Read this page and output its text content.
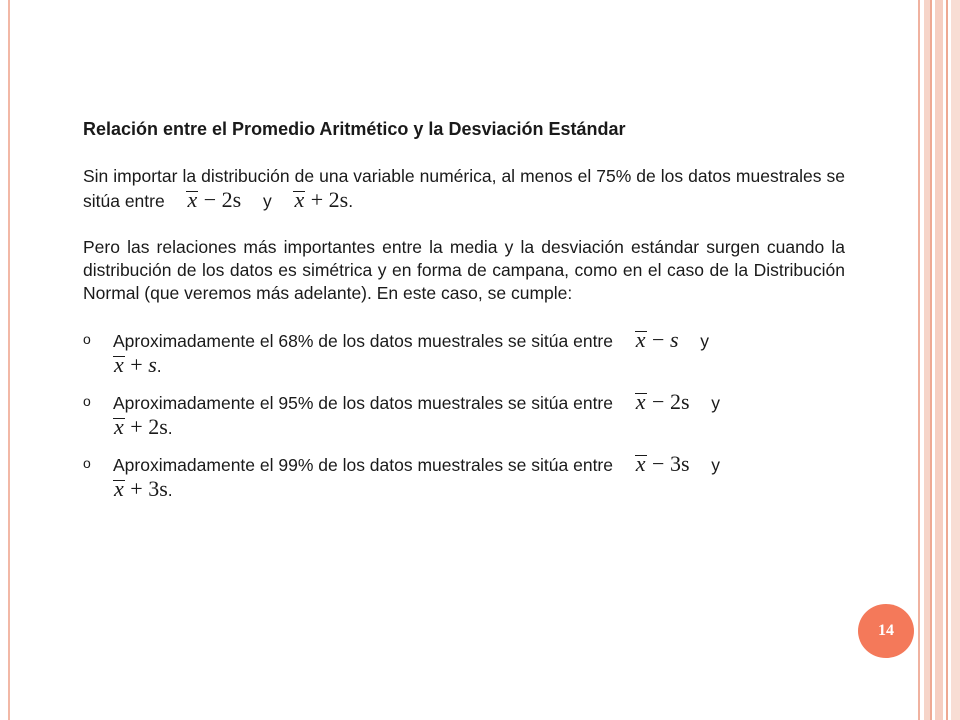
Relación entre el Promedio Aritmético y la Desviación Estándar
Sin importar la distribución de una variable numérica, al menos el 75% de los datos muestrales se sitúa entre x − 2s y x + 2s.
Pero las relaciones más importantes entre la media y la desviación estándar surgen cuando la distribución de los datos es simétrica y en forma de campana, como en el caso de la Distribución Normal (que veremos más adelante). En este caso, se cumple:
o Aproximadamente el 68% de los datos muestrales se sitúa entre x − s y
x + s.
o Aproximadamente el 95% de los datos muestrales se sitúa entre x − 2s y
x + 2s.
o Aproximadamente el 99% de los datos muestrales se sitúa entre x − 3s y
x + 3s.
14
